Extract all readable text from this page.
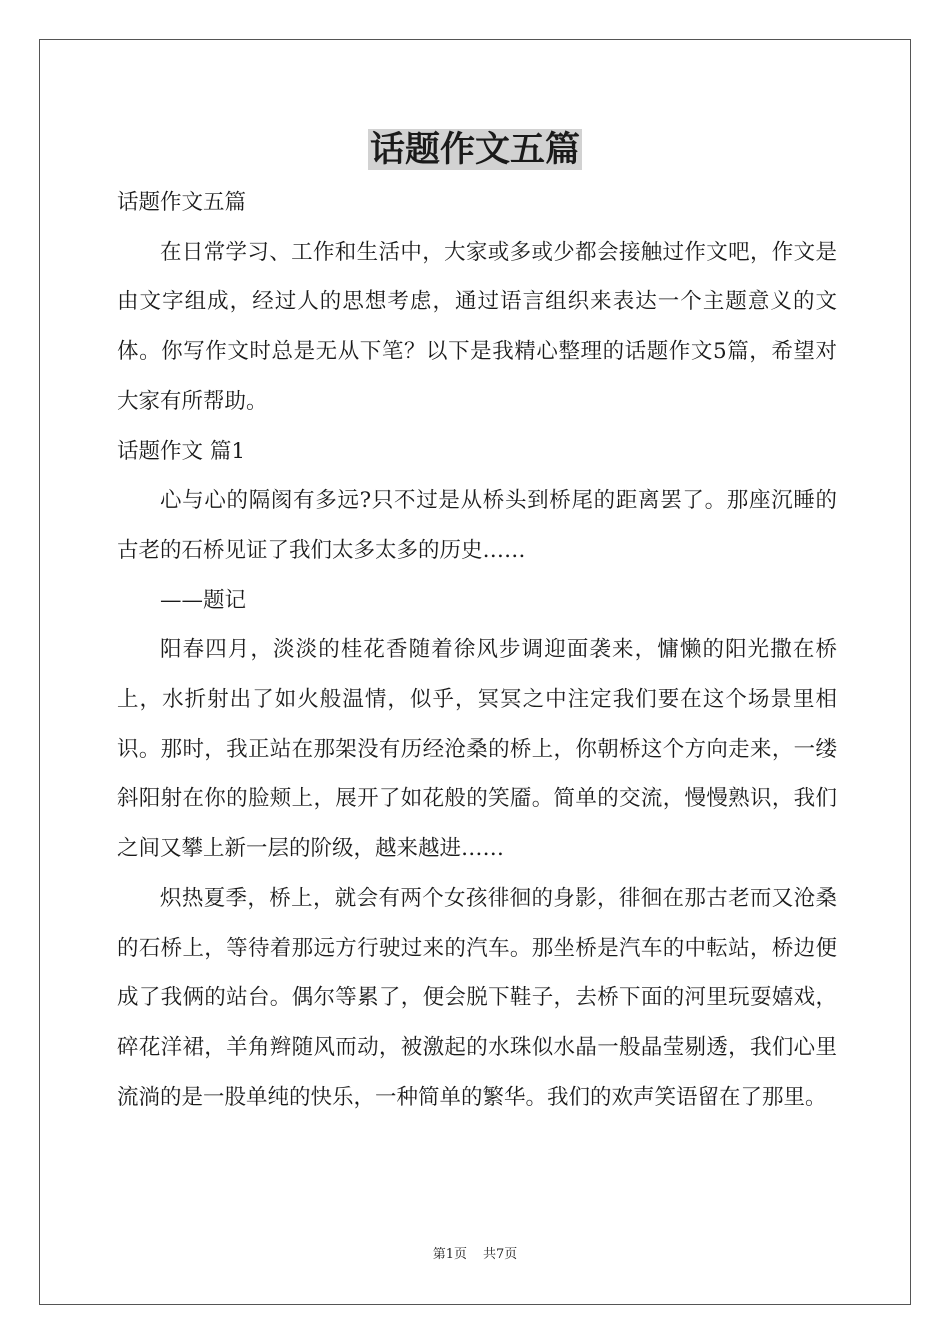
话题作文五篇

话题作文五篇

在日常学习、工作和生活中，大家或多或少都会接触过作文吧，作文是由文字组成，经过人的思想考虑，通过语言组织来表达一个主题意义的文体。你写作文时总是无从下笔？以下是我精心整理的话题作文5篇，希望对大家有所帮助。

话题作文 篇1

心与心的隔阂有多远?只不过是从桥头到桥尾的距离罢了。那座沉睡的古老的石桥见证了我们太多太多的历史……

——题记

阳春四月，淡淡的桂花香随着徐风步调迎面袭来，慵懒的阳光撒在桥上，水折射出了如火般温情，似乎，冥冥之中注定我们要在这个场景里相识。那时，我正站在那架没有历经沧桑的桥上，你朝桥这个方向走来，一缕斜阳射在你的脸颊上，展开了如花般的笑靥。简单的交流，慢慢熟识，我们之间又攀上新一层的阶级，越来越进……

炽热夏季，桥上，就会有两个女孩徘徊的身影，徘徊在那古老而又沧桑的石桥上，等待着那远方行驶过来的汽车。那坐桥是汽车的中転站，桥边便成了我俩的站台。偶尔等累了，便会脱下鞋子，去桥下面的河里玩耍嬉戏，碎花洋裙，羊角辫随风而动，被激起的水珠似水晶一般晶莹剔透，我们心里流淌的是一股单纯的快乐，一种简单的繁华。我们的欢声笑语留在了那里。

第1页 共7页
